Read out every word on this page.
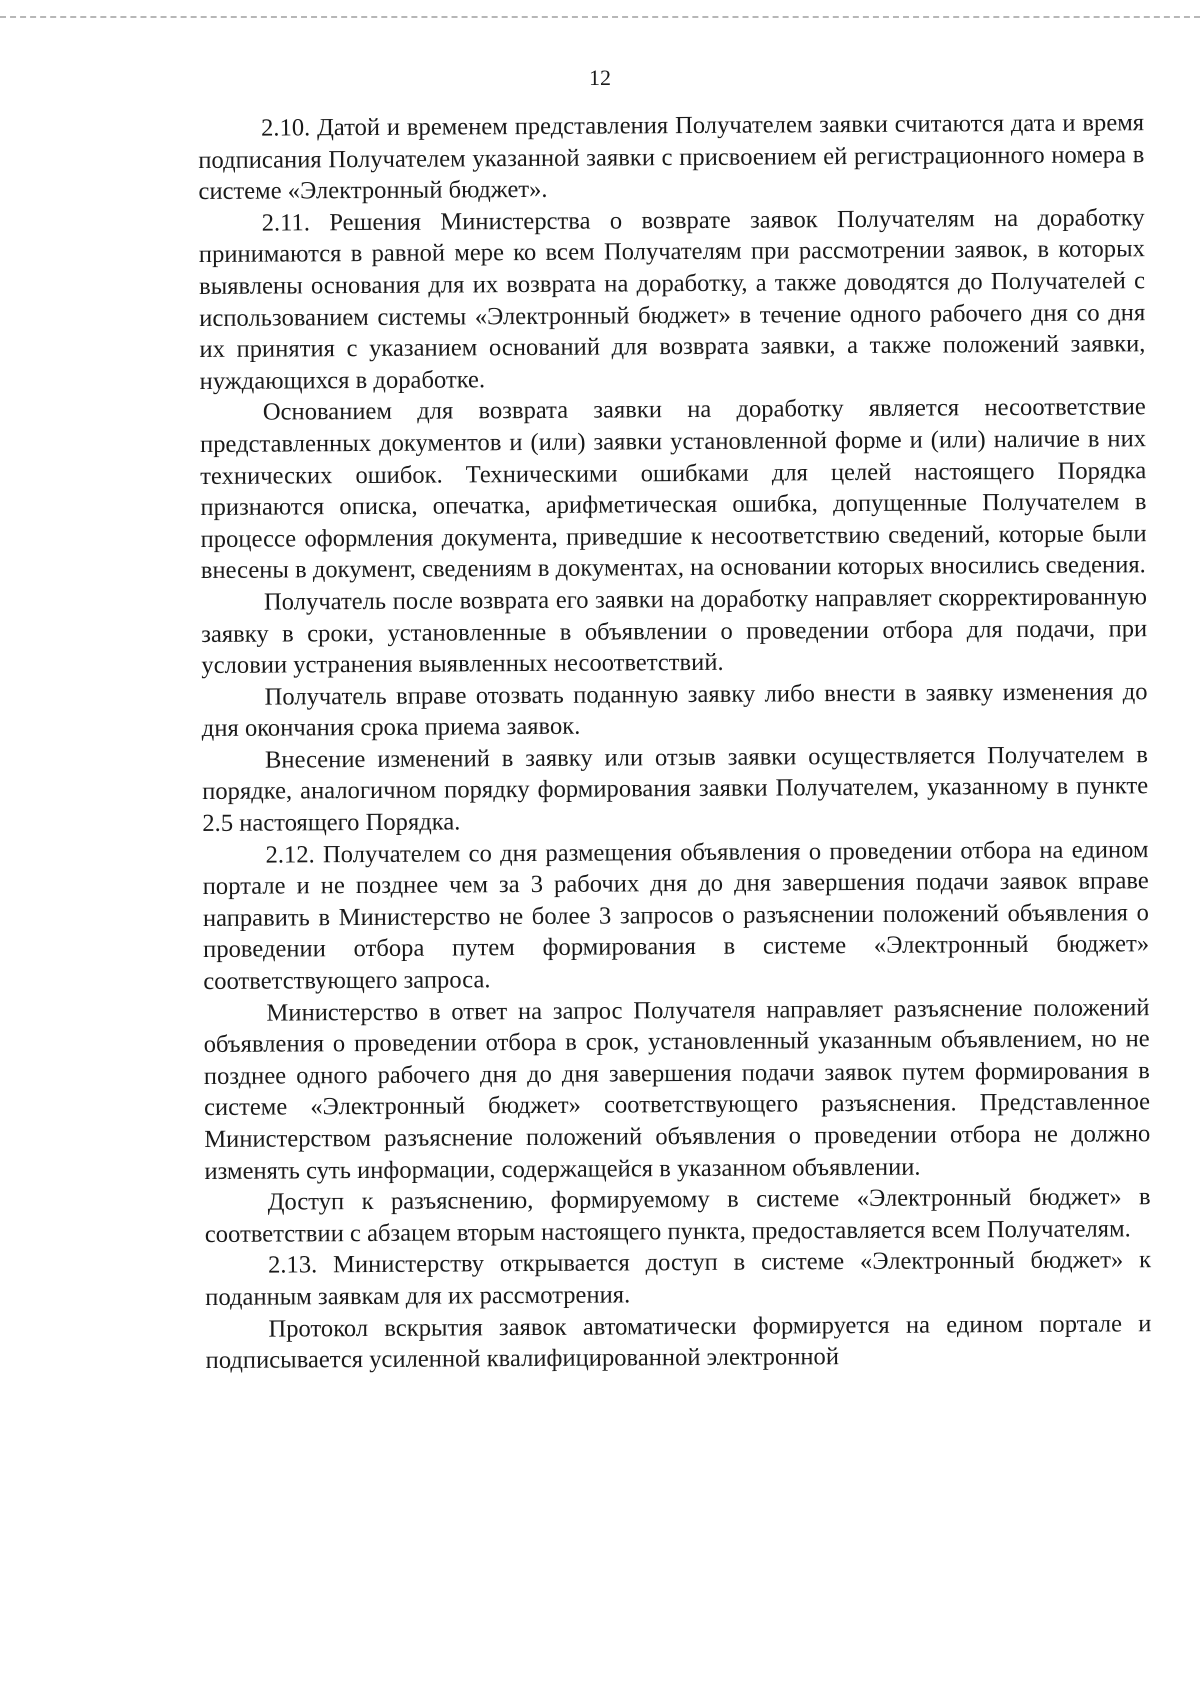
12

2.10. Датой и временем представления Получателем заявки считаются дата и время подписания Получателем указанной заявки с присвоением ей регистрационного номера в системе «Электронный бюджет».

2.11. Решения Министерства о возврате заявок Получателям на доработку принимаются в равной мере ко всем Получателям при рассмотрении заявок, в которых выявлены основания для их возврата на доработку, а также доводятся до Получателей с использованием системы «Электронный бюджет» в течение одного рабочего дня со дня их принятия с указанием оснований для возврата заявки, а также положений заявки, нуждающихся в доработке.

Основанием для возврата заявки на доработку является несоответствие представленных документов и (или) заявки установленной форме и (или) наличие в них технических ошибок. Техническими ошибками для целей настоящего Порядка признаются описка, опечатка, арифметическая ошибка, допущенные Получателем в процессе оформления документа, приведшие к несоответствию сведений, которые были внесены в документ, сведениям в документах, на основании которых вносились сведения.

Получатель после возврата его заявки на доработку направляет скорректированную заявку в сроки, установленные в объявлении о проведении отбора для подачи, при условии устранения выявленных несоответствий.

Получатель вправе отозвать поданную заявку либо внести в заявку изменения до дня окончания срока приема заявок.

Внесение изменений в заявку или отзыв заявки осуществляется Получателем в порядке, аналогичном порядку формирования заявки Получателем, указанному в пункте 2.5 настоящего Порядка.

2.12. Получателем со дня размещения объявления о проведении отбора на едином портале и не позднее чем за 3 рабочих дня до дня завершения подачи заявок вправе направить в Министерство не более 3 запросов о разъяснении положений объявления о проведении отбора путем формирования в системе «Электронный бюджет» соответствующего запроса.

Министерство в ответ на запрос Получателя направляет разъяснение положений объявления о проведении отбора в срок, установленный указанным объявлением, но не позднее одного рабочего дня до дня завершения подачи заявок путем формирования в системе «Электронный бюджет» соответствующего разъяснения. Представленное Министерством разъяснение положений объявления о проведении отбора не должно изменять суть информации, содержащейся в указанном объявлении.

Доступ к разъяснению, формируемому в системе «Электронный бюджет» в соответствии с абзацем вторым настоящего пункта, предоставляется всем Получателям.

2.13. Министерству открывается доступ в системе «Электронный бюджет» к поданным заявкам для их рассмотрения.

Протокол вскрытия заявок автоматически формируется на едином портале и подписывается усиленной квалифицированной электронной
